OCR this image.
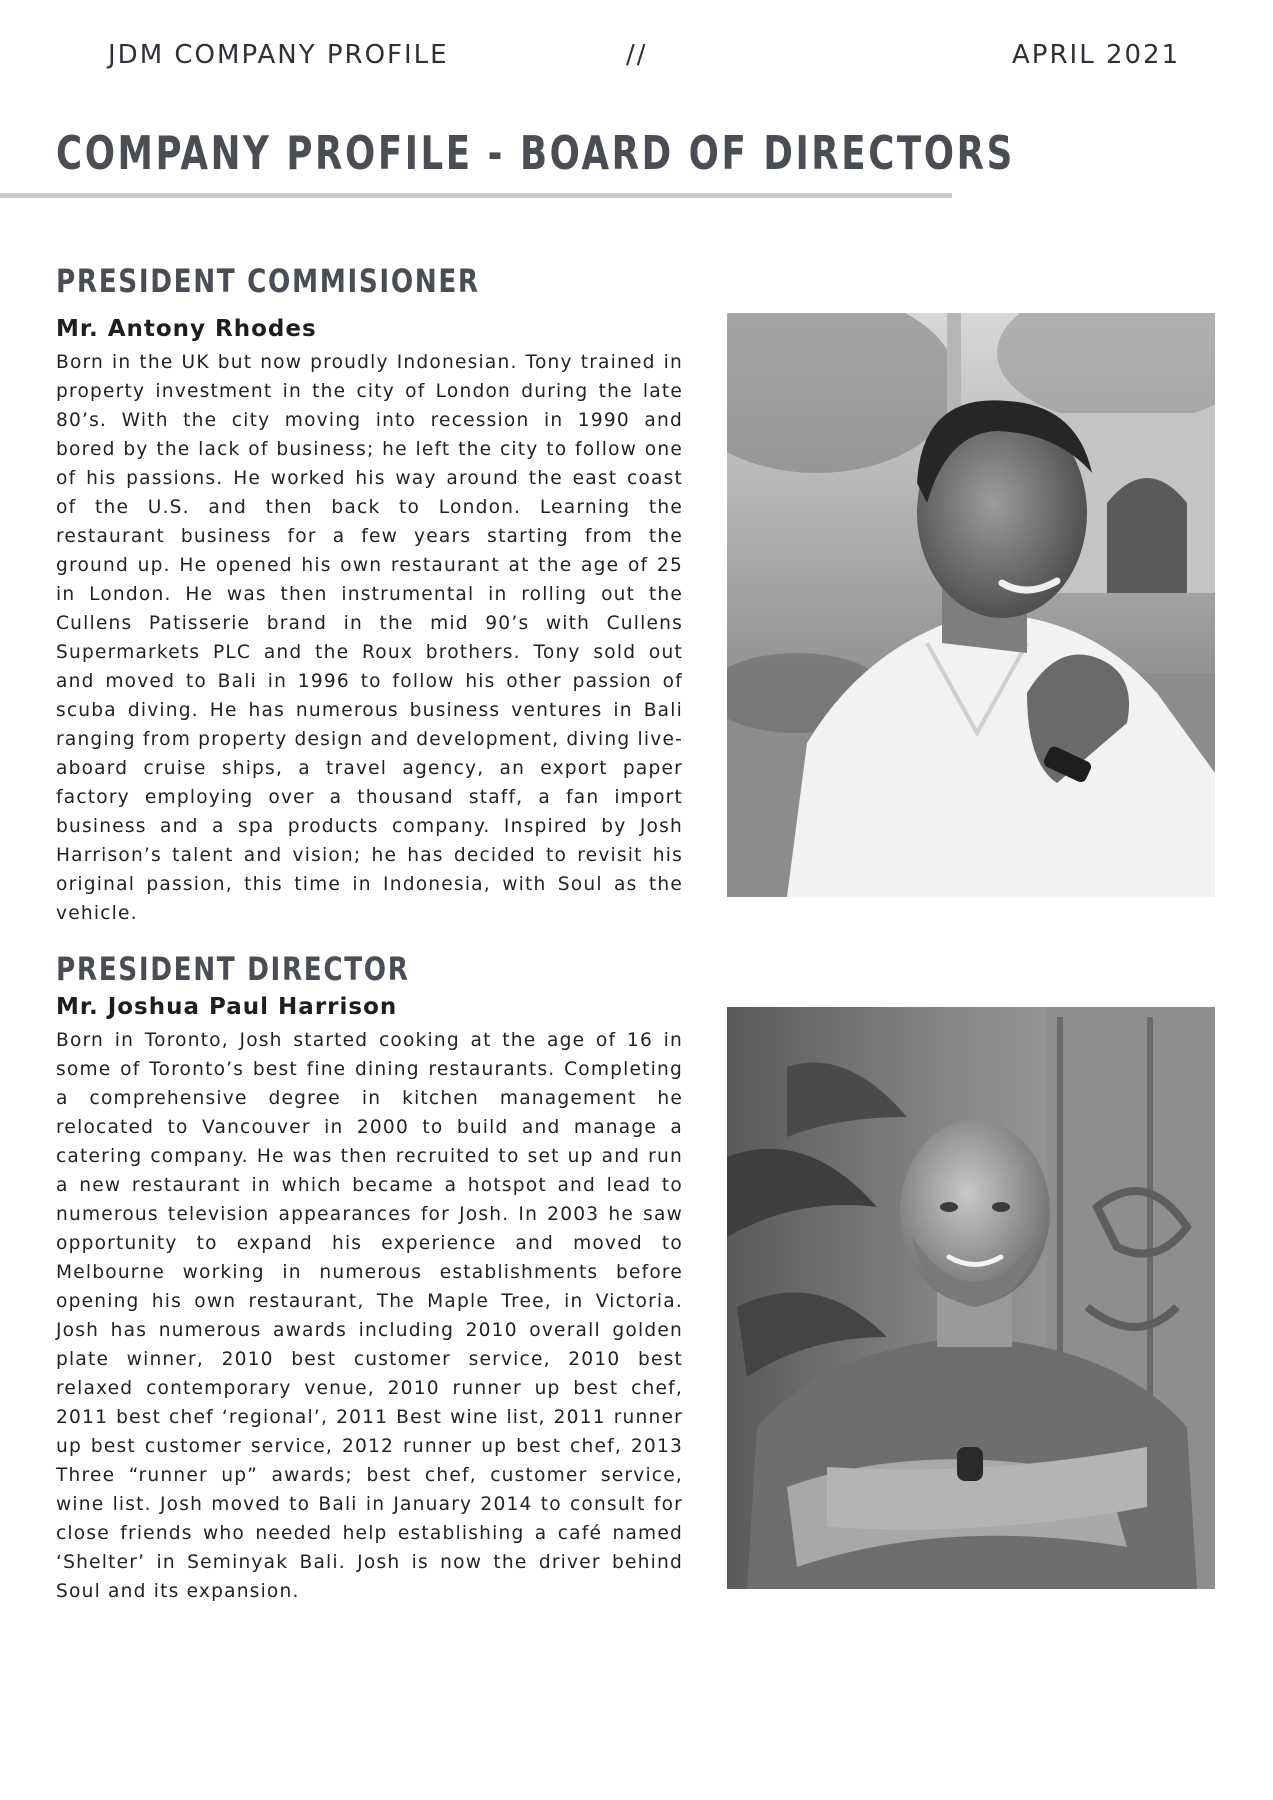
JDM COMPANY PROFILE	//	APRIL 2021
COMPANY PROFILE - BOARD OF DIRECTORS
PRESIDENT COMMISIONER
Mr. Antony Rhodes

Born in the UK but now proudly Indonesian. Tony trained in property investment in the city of London during the late 80’s. With the city moving into recession in 1990 and bored by the lack of business; he left the city to follow one of his passions. He worked his way around the east coast of the U.S. and then back to London. Learning the restaurant business for a few years starting from the ground up. He opened his own restaurant at the age of 25 in London. He was then instrumental in rolling out the Cullens Patisserie brand in the mid 90’s with Cullens Supermarkets PLC and the Roux brothers. Tony sold out and moved to Bali in 1996 to follow his other passion of scuba diving. He has numerous business ventures in Bali ranging from property design and development, diving live-aboard cruise ships, a travel agency, an export paper factory employing over a thousand staff, a fan import business and a spa products company. Inspired by Josh Harrison’s talent and vision; he has decided to revisit his original passion, this time in Indonesia, with Soul as the vehicle.

PRESIDENT DIRECTOR
Mr. Joshua Paul Harrison

Born in Toronto, Josh started cooking at the age of 16 in some of Toronto’s best fine dining restaurants. Completing a comprehensive degree in kitchen management he relocated to Vancouver in 2000 to build and manage a catering company. He was then recruited to set up and run a new restaurant in which became a hotspot and lead to numerous television appearances for Josh. In 2003 he saw opportunity to expand his experience and moved to Melbourne working in numerous establishments before opening his own restaurant, The Maple Tree, in Victoria. Josh has numerous awards including 2010 overall golden plate winner, 2010 best customer service, 2010 best relaxed contemporary venue, 2010 runner up best chef, 2011 best chef ‘regional’, 2011 Best wine list, 2011 runner up best customer service, 2012 runner up best chef, 2013 Three “runner up” awards; best chef, customer service, wine list. Josh moved to Bali in January 2014 to consult for close friends who needed help establishing a café named ‘Shelter’ in Seminyak Bali. Josh is now the driver behind Soul and its expansion.
